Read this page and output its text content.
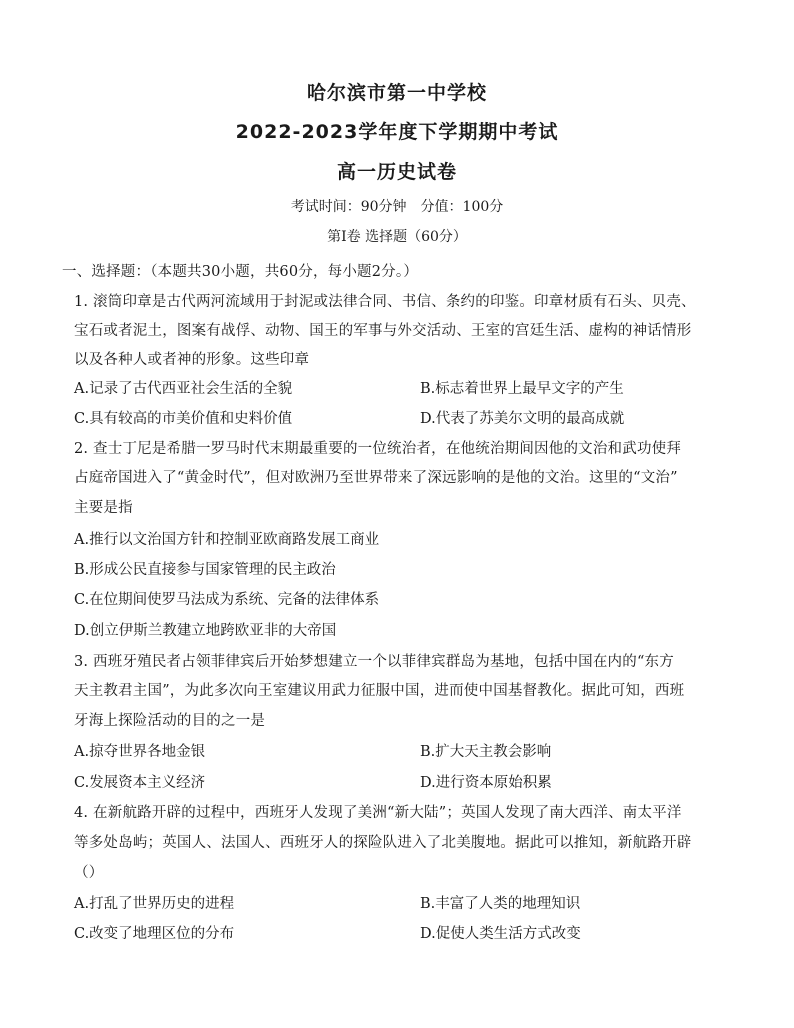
哈尔滨市第一中学校
2022-2023学年度下学期期中考试
高一历史试卷
考试时间：90分钟　分值：100分
第Ⅰ卷 选择题（60分）
一、选择题：（本题共30小题，共60分，每小题2分。）
1. 滚筒印章是古代两河流域用于封泥或法律合同、书信、条约的印鉴。印章材质有石头、贝壳、
宝石或者泥土，图案有战俘、动物、国王的军事与外交活动、王室的宫廷生活、虚构的神话情形
以及各种人或者神的形象。这些印章
A.记录了古代西亚社会生活的全貌	B.标志着世界上最早文字的产生
C.具有较高的市美价值和史料价值	D.代表了苏美尔文明的最高成就
2. 查士丁尼是希腊一罗马时代末期最重要的一位统治者，在他统治期间因他的文治和武功使拜
占庭帝国进入了“黄金时代”，但对欧洲乃至世界带来了深远影响的是他的文治。这里的“文治”
主要是指
A.推行以文治国方针和控制亚欧商路发展工商业
B.形成公民直接参与国家管理的民主政治
C.在位期间使罗马法成为系统、完备的法律体系
D.创立伊斯兰教建立地跨欧亚非的大帝国
3. 西班牙殖民者占领菲律宾后开始梦想建立一个以菲律宾群岛为基地，包括中国在内的“东方
天主教君主国”，为此多次向王室建议用武力征服中国，进而使中国基督教化。据此可知，西班
牙海上探险活动的目的之一是
A.掠夺世界各地金银	B.扩大天主教会影响
C.发展资本主义经济	D.进行资本原始积累
4. 在新航路开辟的过程中，西班牙人发现了美洲“新大陆”；英国人发现了南大西洋、南太平洋
等多处岛屿；英国人、法国人、西班牙人的探险队进入了北美腹地。据此可以推知，新航路开辟
（）
A.打乱了世界历史的进程	B.丰富了人类的地理知识
C.改变了地理区位的分布	D.促使人类生活方式改变
